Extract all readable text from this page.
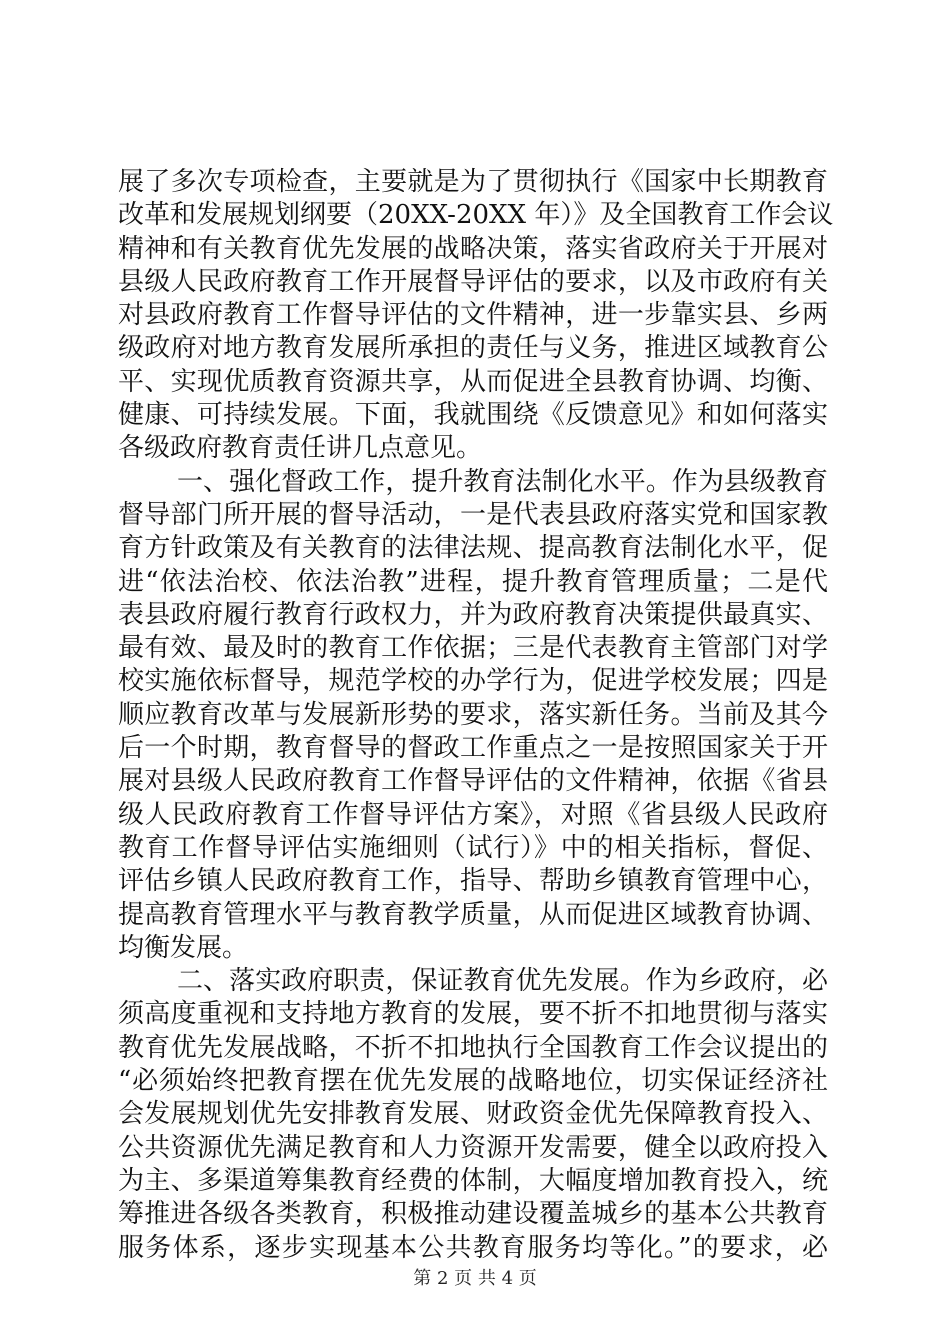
展了多次专项检查，主要就是为了贯彻执行《国家中长期教育
改革和发展规划纲要（20XX-20XX 年）》及全国教育工作会议
精神和有关教育优先发展的战略决策，落实省政府关于开展对
县级人民政府教育工作开展督导评估的要求，以及市政府有关
对县政府教育工作督导评估的文件精神，进一步靠实县、乡两
级政府对地方教育发展所承担的责任与义务，推进区域教育公
平、实现优质教育资源共享，从而促进全县教育协调、均衡、
健康、可持续发展。下面，我就围绕《反馈意见》和如何落实
各级政府教育责任讲几点意见。
一、强化督政工作，提升教育法制化水平。作为县级教育
督导部门所开展的督导活动，一是代表县政府落实党和国家教
育方针政策及有关教育的法律法规、提高教育法制化水平，促
进“依法治校、依法治教”进程，提升教育管理质量；二是代
表县政府履行教育行政权力，并为政府教育决策提供最真实、
最有效、最及时的教育工作依据；三是代表教育主管部门对学
校实施依标督导，规范学校的办学行为，促进学校发展；四是
顺应教育改革与发展新形势的要求，落实新任务。当前及其今
后一个时期，教育督导的督政工作重点之一是按照国家关于开
展对县级人民政府教育工作督导评估的文件精神，依据《省县
级人民政府教育工作督导评估方案》，对照《省县级人民政府
教育工作督导评估实施细则（试行）》中的相关指标，督促、
评估乡镇人民政府教育工作，指导、帮助乡镇教育管理中心，
提高教育管理水平与教育教学质量，从而促进区域教育协调、
均衡发展。
二、落实政府职责，保证教育优先发展。作为乡政府，必
须高度重视和支持地方教育的发展，要不折不扣地贯彻与落实
教育优先发展战略，不折不扣地执行全国教育工作会议提出的
“必须始终把教育摆在优先发展的战略地位，切实保证经济社
会发展规划优先安排教育发展、财政资金优先保障教育投入、
公共资源优先满足教育和人力资源开发需要，健全以政府投入
为主、多渠道筹集教育经费的体制，大幅度增加教育投入，统
筹推进各级各类教育，积极推动建设覆盖城乡的基本公共教育
服务体系，逐步实现基本公共教育服务均等化。”的要求，必
第 2 页 共 4 页
